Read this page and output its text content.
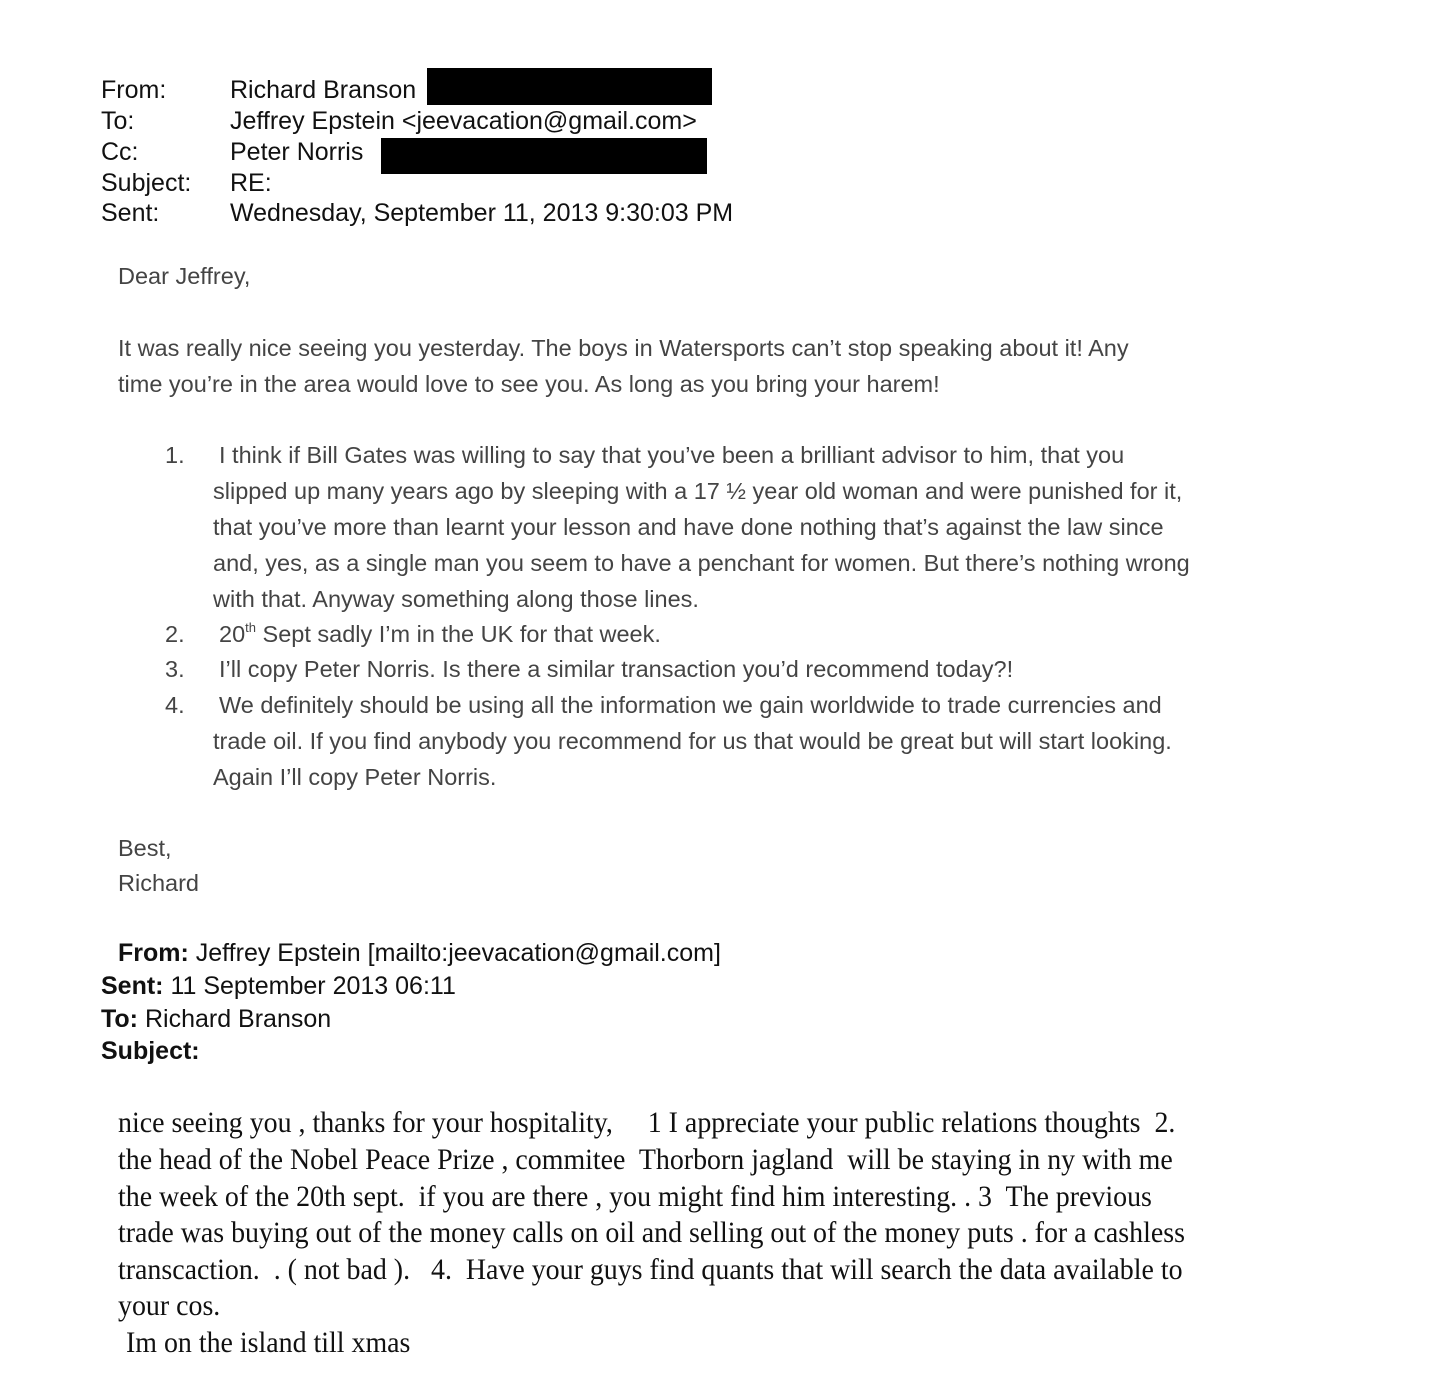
From:	Richard Branson
To:	Jeffrey Epstein <jeevacation@gmail.com>
Cc:	Peter Norris
Subject: RE:
Sent:	Wednesday, September 11, 2013 9:30:03 PM
Dear Jeffrey,
It was really nice seeing you yesterday. The boys in Watersports can’t stop speaking about it! Any
time you’re in the area would love to see you. As long as you bring your harem!
1. I think if Bill Gates was willing to say that you’ve been a brilliant advisor to him, that you
slipped up many years ago by sleeping with a 17 ½ year old woman and were punished for it,
that you’ve more than learnt your lesson and have done nothing that’s against the law since
and, yes, as a single man you seem to have a penchant for women. But there’s nothing wrong
with that. Anyway something along those lines.
2. 20th Sept sadly I’m in the UK for that week.
3. I’ll copy Peter Norris. Is there a similar transaction you’d recommend today?!
4. We definitely should be using all the information we gain worldwide to trade currencies and
trade oil. If you find anybody you recommend for us that would be great but will start looking.
Again I’ll copy Peter Norris.
Best,
Richard
From: Jeffrey Epstein [mailto:jeevacation@gmail.com]
Sent: 11 September 2013 06:11
To: Richard Branson
Subject:
nice seeing you , thanks for your hospitality,     1 I appreciate your public relations thoughts  2.
the head of the Nobel Peace Prize , commitee  Thorborn jagland  will be staying in ny with me
the week of the 20th sept.  if you are there , you might find him interesting. . 3  The previous
trade was buying out of the money calls on oil and selling out of the money puts . for a cashless
transcaction.  . ( not bad ).   4.  Have your guys find quants that will search the data available to
your cos.
Im on the island till xmas
